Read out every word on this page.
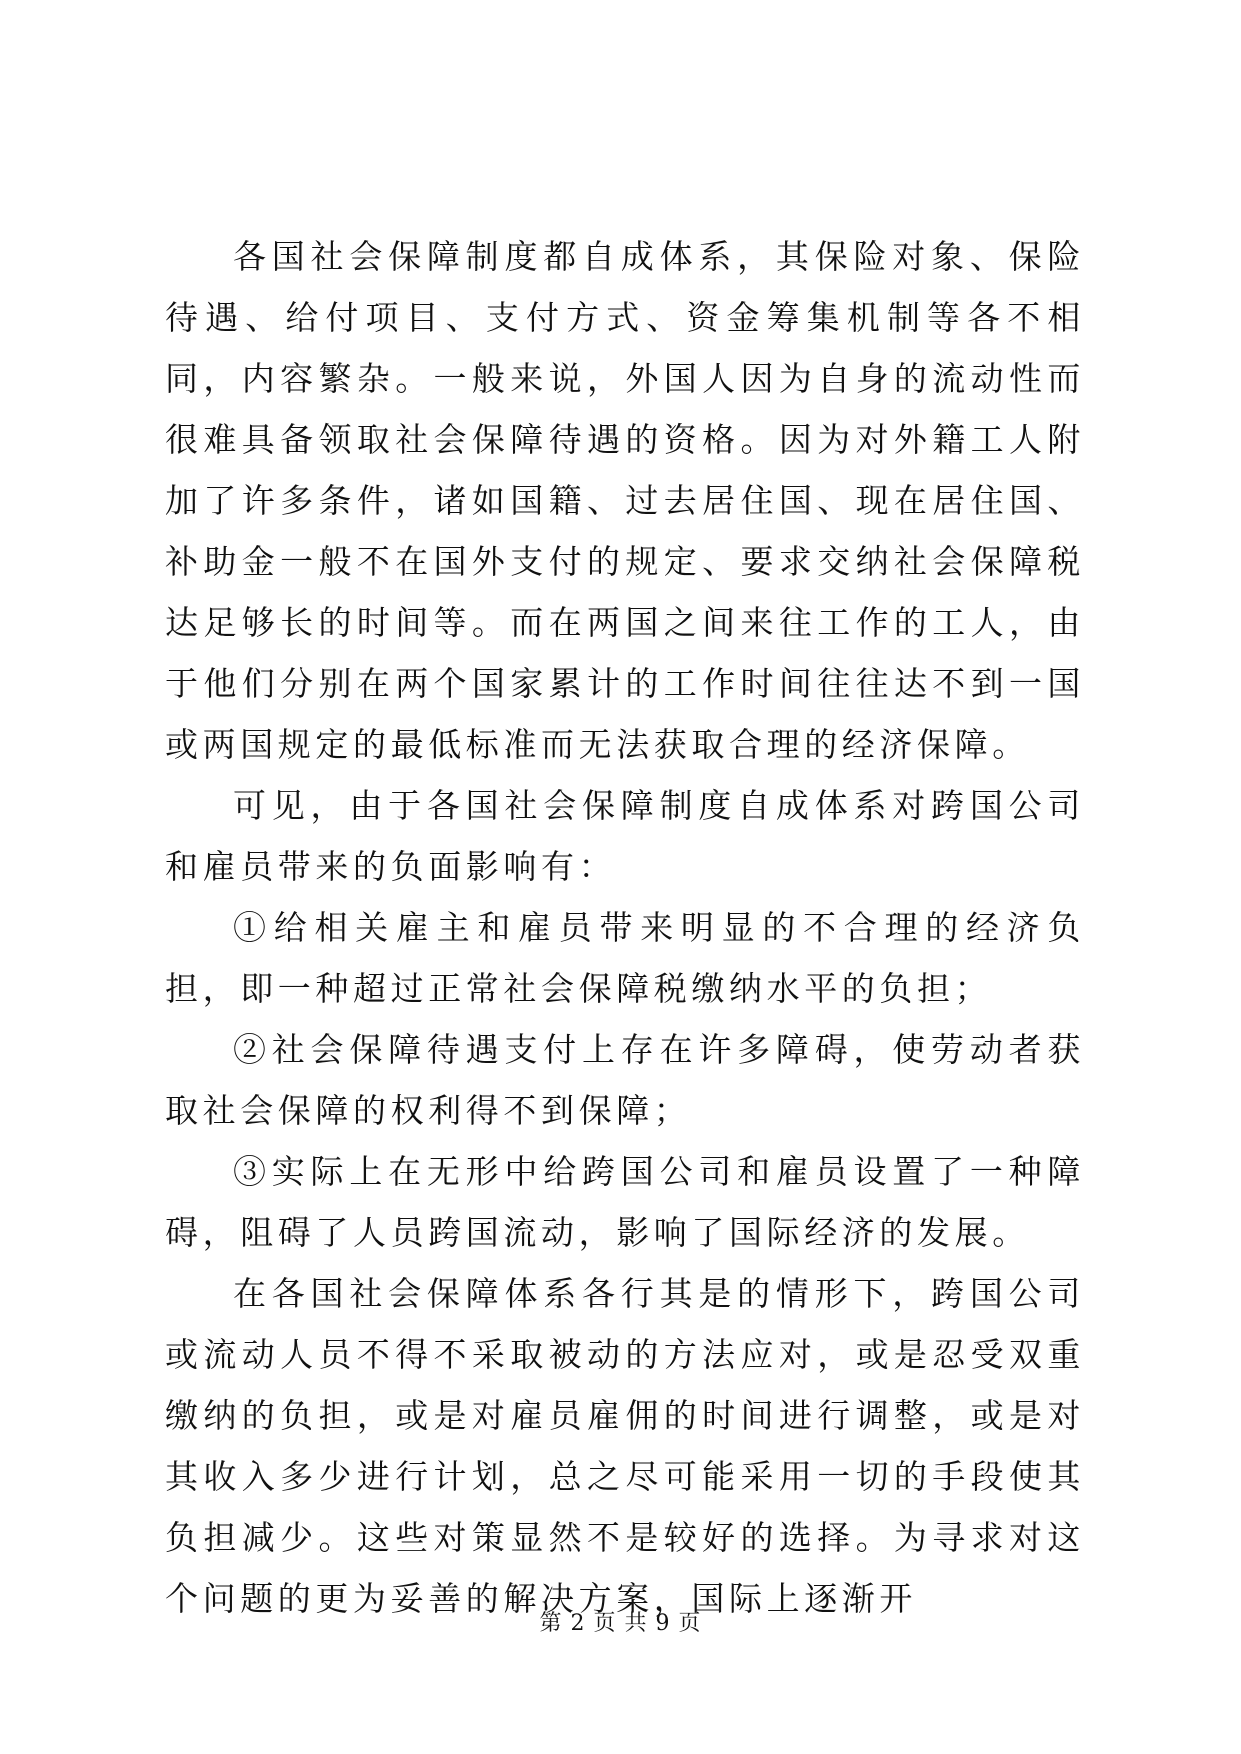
各国社会保障制度都自成体系，其保险对象、保险待遇、给付项目、支付方式、资金筹集机制等各不相同，内容繁杂。一般来说，外国人因为自身的流动性而很难具备领取社会保障待遇的资格。因为对外籍工人附加了许多条件，诸如国籍、过去居住国、现在居住国、补助金一般不在国外支付的规定、要求交纳社会保障税达足够长的时间等。而在两国之间来往工作的工人，由于他们分别在两个国家累计的工作时间往往达不到一国或两国规定的最低标准而无法获取合理的经济保障。

可见，由于各国社会保障制度自成体系对跨国公司和雇员带来的负面影响有：

①给相关雇主和雇员带来明显的不合理的经济负担，即一种超过正常社会保障税缴纳水平的负担；

②社会保障待遇支付上存在许多障碍，使劳动者获取社会保障的权利得不到保障；

③实际上在无形中给跨国公司和雇员设置了一种障碍，阻碍了人员跨国流动，影响了国际经济的发展。

在各国社会保障体系各行其是的情形下，跨国公司或流动人员不得不采取被动的方法应对，或是忍受双重缴纳的负担，或是对雇员雇佣的时间进行调整，或是对其收入多少进行计划，总之尽可能采用一切的手段使其负担减少。这些对策显然不是较好的选择。为寻求对这个问题的更为妥善的解决方案，国际上逐渐开

第 2 页 共 9 页
